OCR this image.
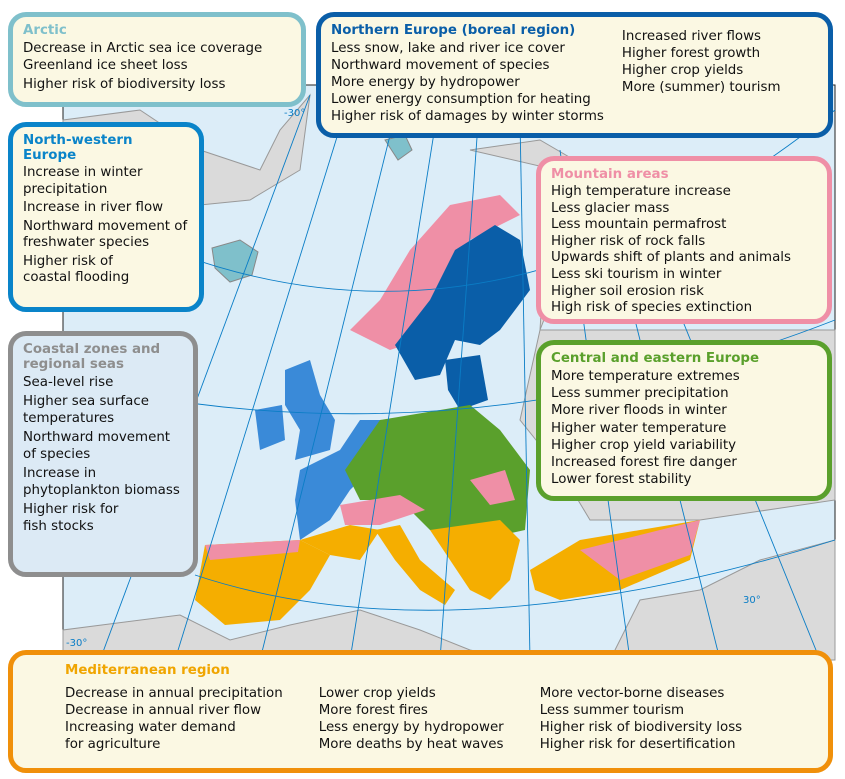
-30°
30°
-30°
Arctic
Decrease in Arctic sea ice coverage
Greenland ice sheet loss
Higher risk of biodiversity loss
Northern Europe (boreal region)
Less snow, lake and river ice cover
Northward movement of species
More energy by hydropower
Lower energy consumption for heating
Higher risk of damages by winter storms
Increased river flows
Higher forest growth
Higher crop yields
More (summer) tourism
North-western Europe
Increase in winter precipitation
Increase in river flow
Northward movement of freshwater species
Higher risk of coastal flooding
Mountain areas
High temperature increase
Less glacier mass
Less mountain permafrost
Higher risk of rock falls
Upwards shift of plants and animals
Less ski tourism in winter
Higher soil erosion risk
High risk of species extinction
Coastal zones and regional seas
Sea-level rise
Higher sea surface temperatures
Northward movement of species
Increase in phytoplankton biomass
Higher risk for fish stocks
Central and eastern Europe
More temperature extremes
Less summer precipitation
More river floods in winter
Higher water temperature
Higher crop yield variability
Increased forest fire danger
Lower forest stability
Mediterranean region
Decrease in annual precipitation
Decrease in annual river flow
Increasing water demand
for agriculture
Lower crop yields
More forest fires
Less energy by hydropower
More deaths by heat waves
More vector-borne diseases
Less summer tourism
Higher risk of biodiversity loss
Higher risk for desertification
